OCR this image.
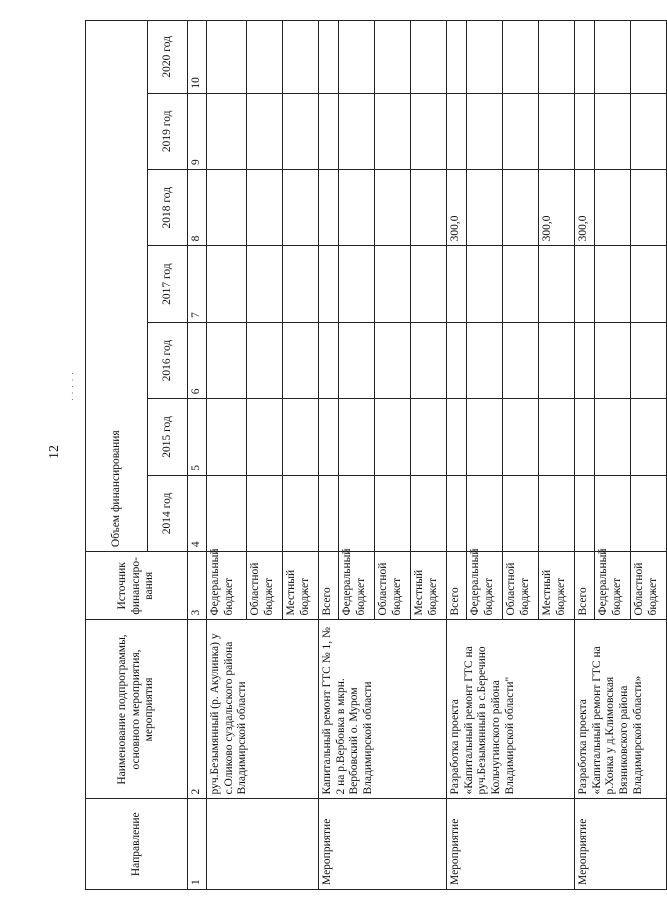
12
. . . . .
Направление	Наименование подпрограммы, основного мероприятия, мероприятия	Источник финансиро-вания	Объем финансирования						
			2014 год	2015 год	2016 год	2017 год	2018 год	2019 год	2020 год
1	2	3	4	5	6	7	8	9	10
	руч.Безымянный (р. Акулинка) у с.Оликово суздальского района Владимирской области	Федеральный бюджет							
		Областной бюджет							
		Местный бюджет							
Мероприятие	Капитальный ремонт ГТС № 1, № 2 на р.Вербовка в мкрн. Вербовский о. Муром Владимирской области	Всего							
		Федеральный бюджет							
		Областной бюджет							
		Местный бюджет							
Мероприятие	Разработка проекта «Капитальный ремонт ГТС на руч.Безымянный в с.Беречино Кольчугинского района Владимирской области"	Всего					300,0		
		Федеральный бюджет							
		Областной бюджет							
		Местный бюджет					300,0		
Мероприятие	Разработка проекта «Капитальный ремонт ГТС на р.Хонка у д.Климовская Вязниковского района Владимирской области»	Всего					300,0		
		Федеральный бюджет							
		Областной бюджет							
